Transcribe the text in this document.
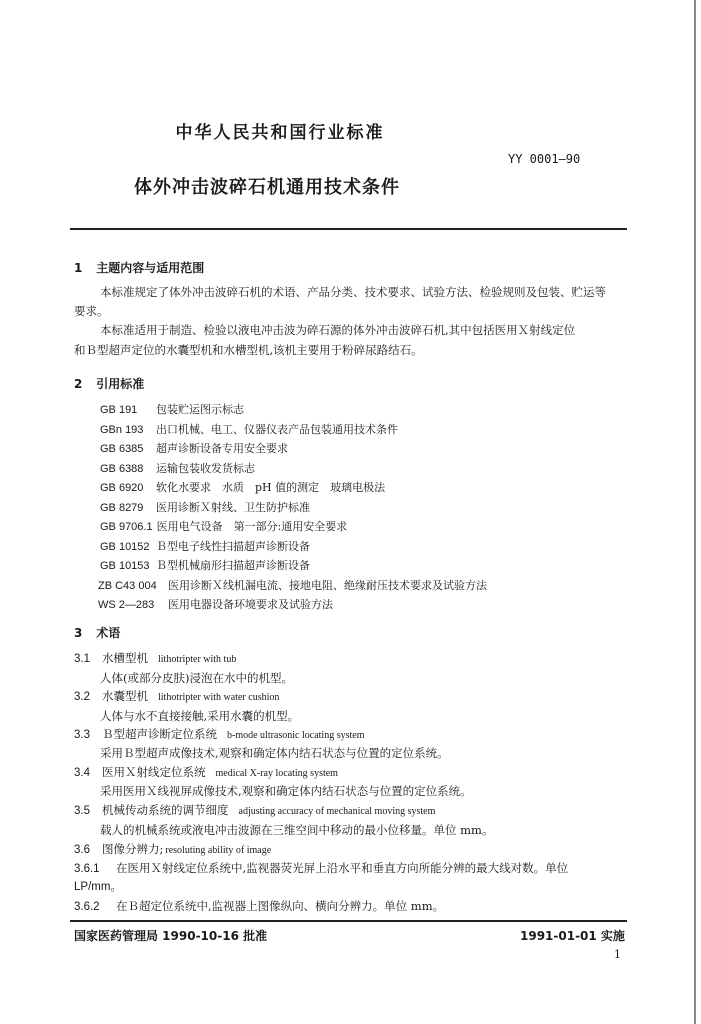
中华人民共和国行业标准
YY 0001—90
体外冲击波碎石机通用技术条件
1 主题内容与适用范围
本标准规定了体外冲击波碎石机的术语、产品分类、技术要求、试验方法、检验规则及包装、贮运等
要求。
本标准适用于制造、检验以液电冲击波为碎石源的体外冲击波碎石机,其中包括医用Ｘ射线定位
和Ｂ型超声定位的水囊型机和水槽型机,该机主要用于粉碎尿路结石。
2 引用标准
GB 191 包装贮运图示标志
GBn 193 出口机械、电工、仪器仪表产品包装通用技术条件
GB 6385 超声诊断设备专用安全要求
GB 6388 运输包装收发货标志
GB 6920 软化水要求　水质　pH 值的测定　玻璃电极法
GB 8279 医用诊断Ｘ射线、卫生防护标准
GB 9706.1 医用电气设备　第一部分:通用安全要求
GB 10152 Ｂ型电子线性扫描超声诊断设备
GB 10153 Ｂ型机械扇形扫描超声诊断设备
ZB C43 004 医用诊断Ｘ线机漏电流、接地电阻、绝缘耐压技术要求及试验方法
WS 2—283 医用电器设备环境要求及试验方法
3 术语
3.1 水槽型机 lithotripter with tub
人体(或部分皮肤)浸泡在水中的机型。
3.2 水囊型机 lithotripter with water cushion
人体与水不直接接触,采用水囊的机型。
3.3 Ｂ型超声诊断定位系统 b-mode ultrasonic locating system
采用Ｂ型超声成像技术,观察和确定体内结石状态与位置的定位系统。
3.4 医用Ｘ射线定位系统 medical X-ray locating system
采用医用Ｘ线视屏成像技术,观察和确定体内结石状态与位置的定位系统。
3.5 机械传动系统的调节细度 adjusting accuracy of mechanical moving system
载人的机械系统或液电冲击波源在三维空间中移动的最小位移量。单位 mm。
3.6 图像分辨力; resoluting ability of image
3.6.1 在医用Ｘ射线定位系统中,监视器荧光屏上沿水平和垂直方向所能分辨的最大线对数。单位
LP/mm。
3.6.2 在Ｂ超定位系统中,监视器上图像纵向、横向分辨力。单位 mm。
国家医药管理局 1990-10-16 批准	1991-01-01 实施
1
